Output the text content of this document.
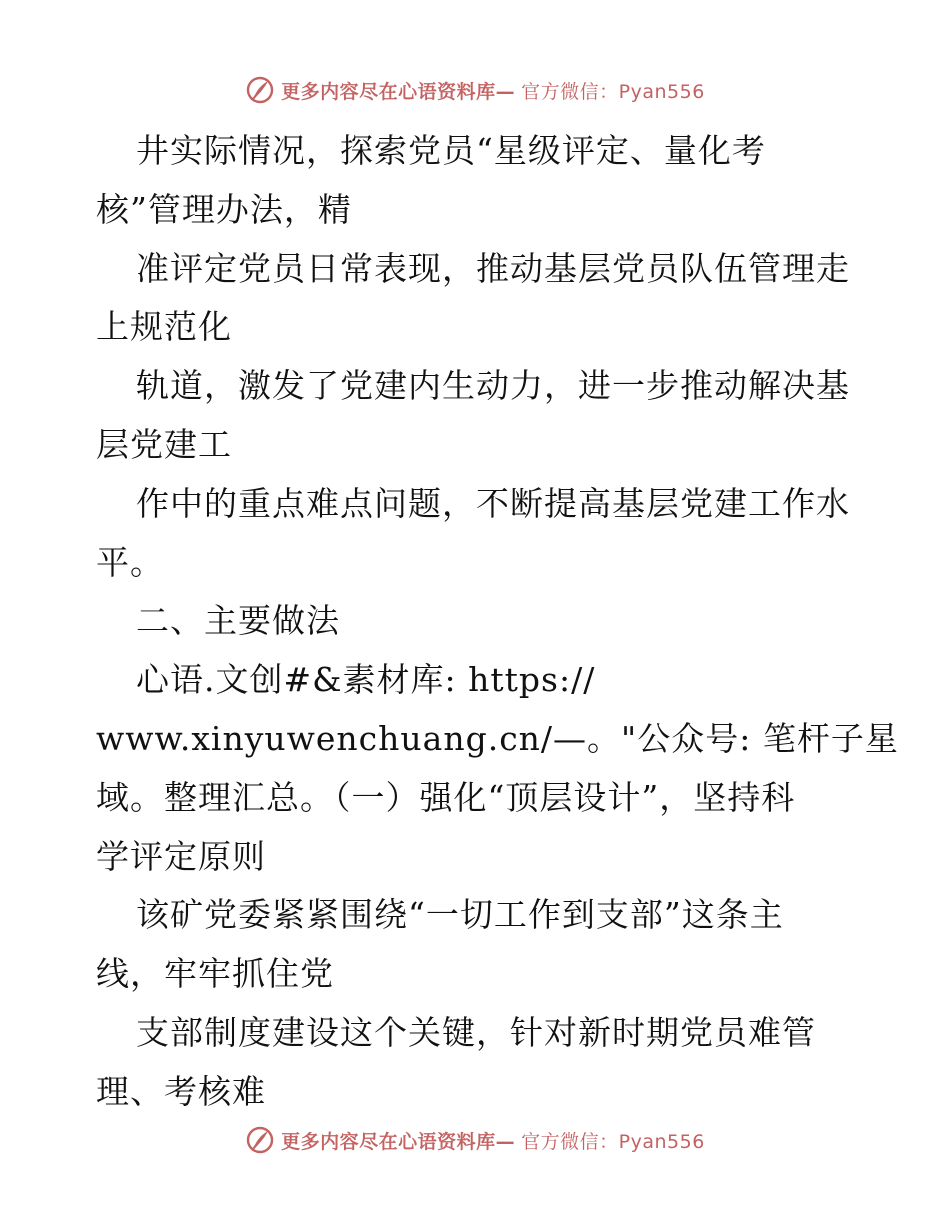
更多内容尽在心语资料库— 官方微信：Pyan556
井实际情况，探索党员“星级评定、量化考
核”管理办法，精
准评定党员日常表现，推动基层党员队伍管理走
上规范化
轨道，激发了党建内生动力，进一步推动解决基
层党建工
作中的重点难点问题，不断提高基层党建工作水
平。
二、主要做法
心语.文创#&素材库: https://
www.xinyuwenchuang.cn/—。"公众号: 笔杆子星
域。整理汇总。（一）强化“顶层设计”，坚持科
学评定原则
该矿党委紧紧围绕“一切工作到支部”这条主
线，牢牢抓住党
支部制度建设这个关键，针对新时期党员难管
理、考核难
更多内容尽在心语资料库— 官方微信：Pyan556
